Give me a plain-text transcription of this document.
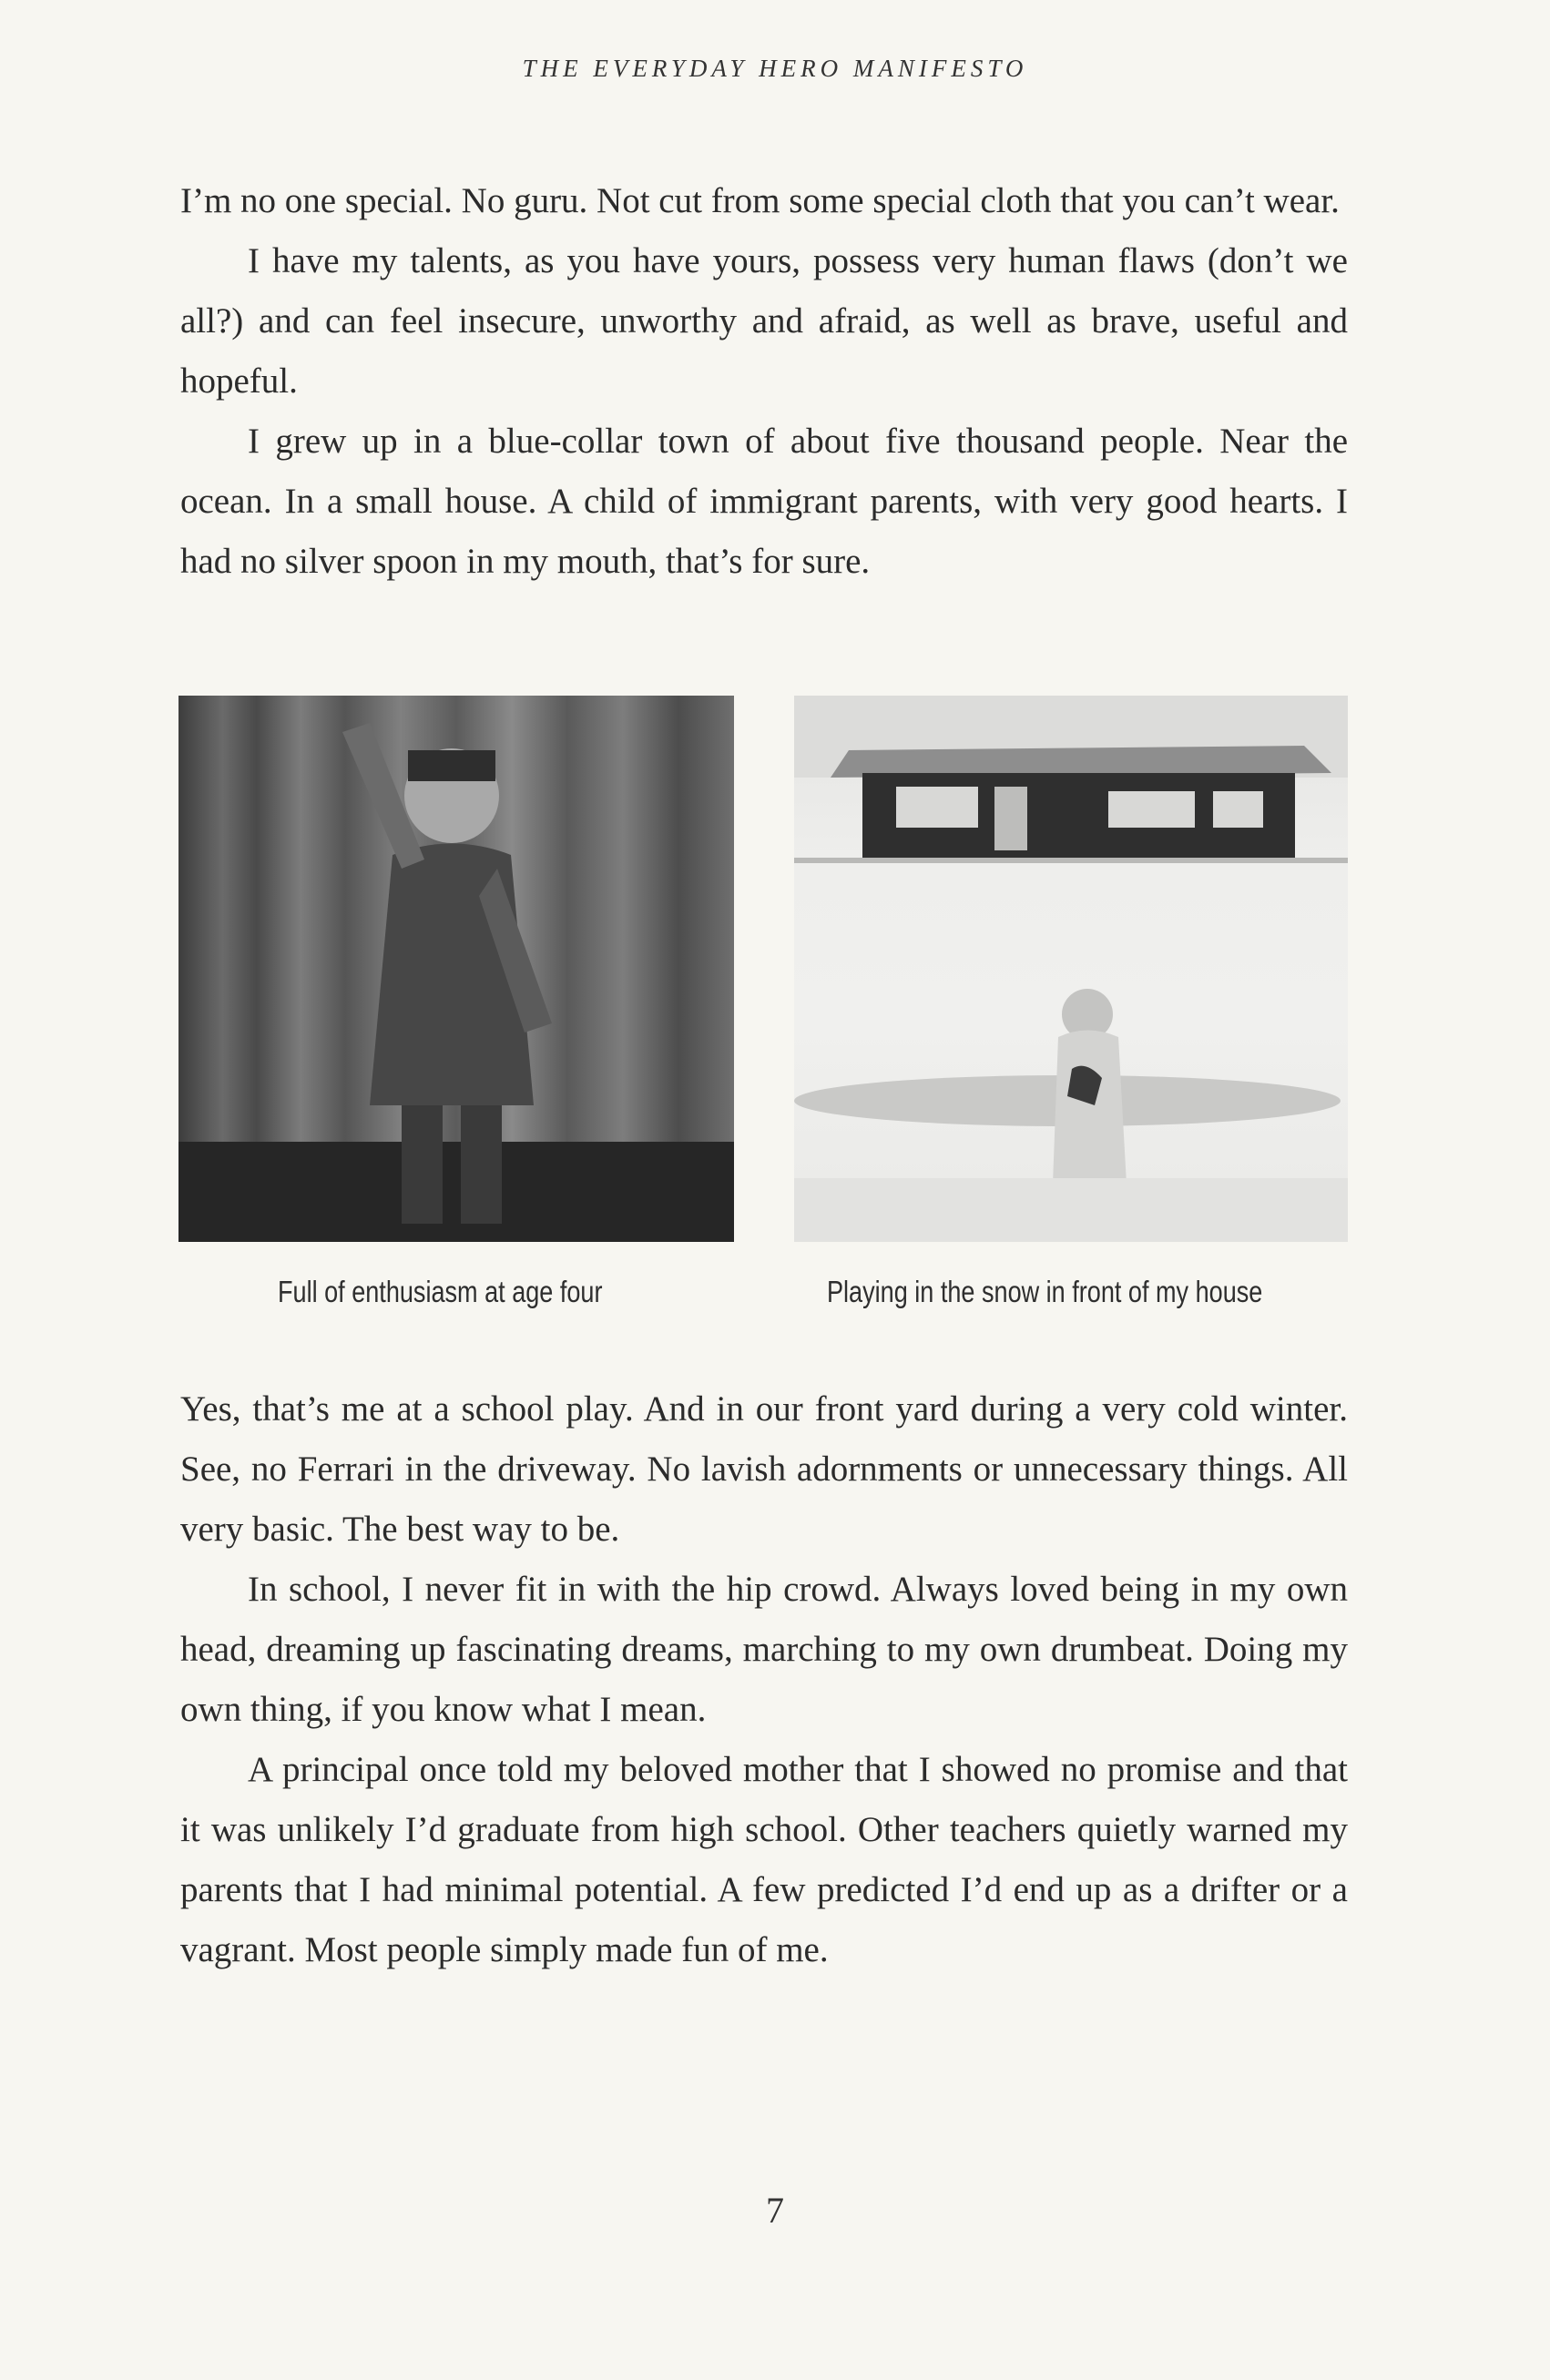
THE EVERYDAY HERO MANIFESTO

I’m no one special. No guru. Not cut from some special cloth that you can’t wear.

I have my talents, as you have yours, possess very human flaws (don’t we all?) and can feel insecure, unworthy and afraid, as well as brave, useful and hopeful.

I grew up in a blue-collar town of about five thousand people. Near the ocean. In a small house. A child of immigrant parents, with very good hearts. I had no silver spoon in my mouth, that’s for sure.

Full of enthusiasm at age four	Playing in the snow in front of my house

Yes, that’s me at a school play. And in our front yard during a very cold winter. See, no Ferrari in the driveway. No lavish adornments or unnecessary things. All very basic. The best way to be.

In school, I never fit in with the hip crowd. Always loved being in my own head, dreaming up fascinating dreams, marching to my own drumbeat. Doing my own thing, if you know what I mean.

A principal once told my beloved mother that I showed no promise and that it was unlikely I’d graduate from high school. Other teachers quietly warned my parents that I had minimal potential. A few predicted I’d end up as a drifter or a vagrant. Most people simply made fun of me.

7
